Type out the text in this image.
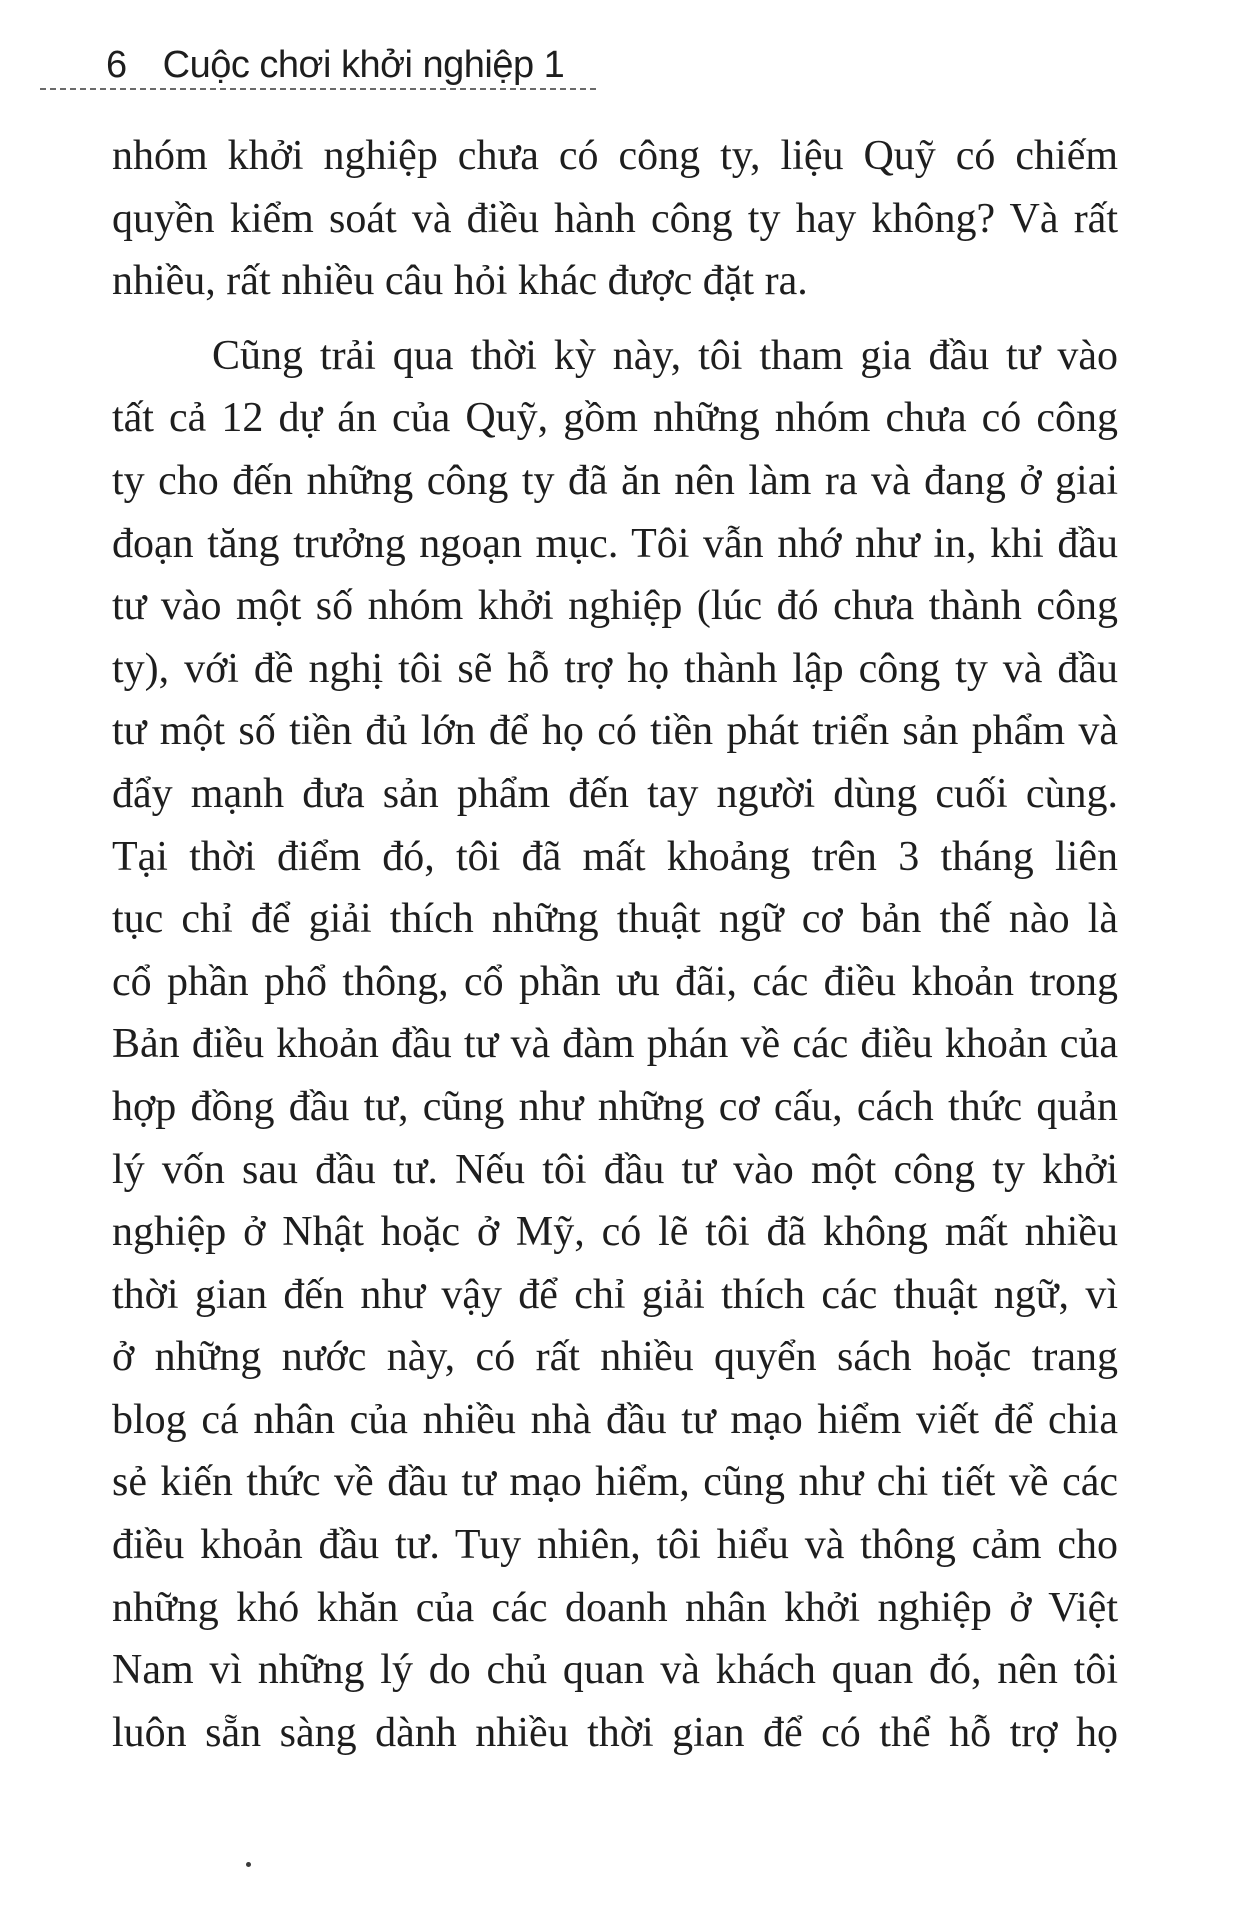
6 Cuộc chơi khởi nghiệp 1
nhóm khởi nghiệp chưa có công ty, liệu Quỹ có chiếm
quyền kiểm soát và điều hành công ty hay không? Và rất
nhiều, rất nhiều câu hỏi khác được đặt ra.
Cũng trải qua thời kỳ này, tôi tham gia đầu tư vào
tất cả 12 dự án của Quỹ, gồm những nhóm chưa có công
ty cho đến những công ty đã ăn nên làm ra và đang ở giai
đoạn tăng trưởng ngoạn mục. Tôi vẫn nhớ như in, khi đầu
tư vào một số nhóm khởi nghiệp (lúc đó chưa thành công
ty), với đề nghị tôi sẽ hỗ trợ họ thành lập công ty và đầu
tư một số tiền đủ lớn để họ có tiền phát triển sản phẩm và
đẩy mạnh đưa sản phẩm đến tay người dùng cuối cùng.
Tại thời điểm đó, tôi đã mất khoảng trên 3 tháng liên
tục chỉ để giải thích những thuật ngữ cơ bản thế nào là
cổ phần phổ thông, cổ phần ưu đãi, các điều khoản trong
Bản điều khoản đầu tư và đàm phán về các điều khoản của
hợp đồng đầu tư, cũng như những cơ cấu, cách thức quản
lý vốn sau đầu tư. Nếu tôi đầu tư vào một công ty khởi
nghiệp ở Nhật hoặc ở Mỹ, có lẽ tôi đã không mất nhiều
thời gian đến như vậy để chỉ giải thích các thuật ngữ, vì
ở những nước này, có rất nhiều quyển sách hoặc trang
blog cá nhân của nhiều nhà đầu tư mạo hiểm viết để chia
sẻ kiến thức về đầu tư mạo hiểm, cũng như chi tiết về các
điều khoản đầu tư. Tuy nhiên, tôi hiểu và thông cảm cho
những khó khăn của các doanh nhân khởi nghiệp ở Việt
Nam vì những lý do chủ quan và khách quan đó, nên tôi
luôn sẵn sàng dành nhiều thời gian để có thể hỗ trợ họ
